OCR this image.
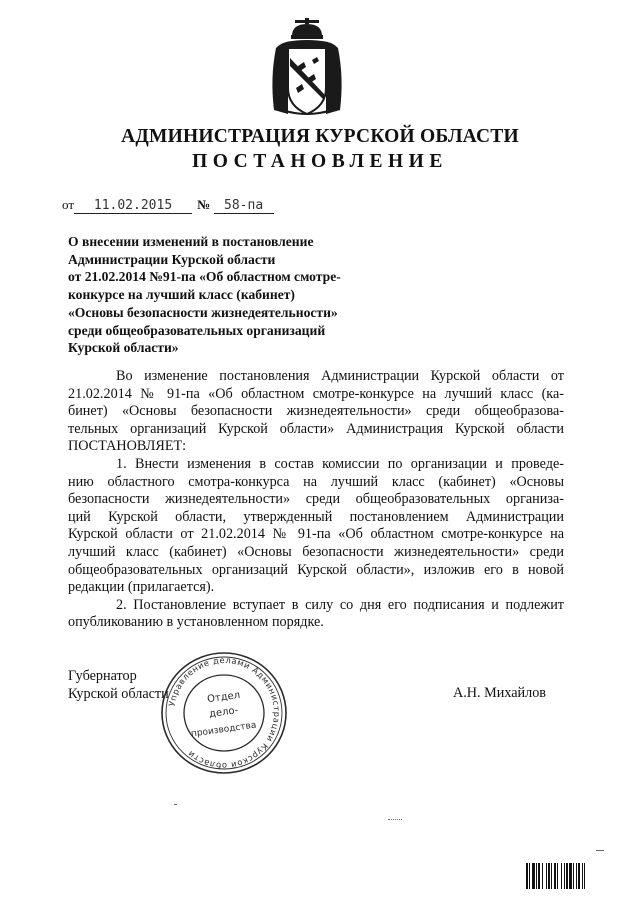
АДМИНИСТРАЦИЯ КУРСКОЙ ОБЛАСТИ
ПОСТАНОВЛЕНИЕ
от 11.02.2015 № 58-па
О внесении изменений в постановление
Администрации Курской области
от 21.02.2014 №91-па «Об областном смотре-
конкурсе на лучший класс (кабинет)
«Основы безопасности жизнедеятельности»
среди общеобразовательных организаций
Курской области»

Во изменение постановления Администрации Курской области от

21.02.2014 № 91-па «Об областном смотре-конкурсе на лучший класс (ка-

бинет) «Основы безопасности жизнедеятельности» среди общеобразова-

тельных организаций Курской области» Администрация Курской области

ПОСТАНОВЛЯЕТ:

1. Внести изменения в состав комиссии по организации и проведе-

нию областного смотра-конкурса на лучший класс (кабинет) «Основы

безопасности жизнедеятельности» среди общеобразовательных организа-

ций Курской области, утвержденный постановлением Администрации

Курской области от 21.02.2014 № 91-па «Об областном смотре-конкурсе на

лучший класс (кабинет) «Основы безопасности жизнедеятельности» среди

общеобразовательных организаций Курской области», изложив его в новой

редакции (прилагается).

2. Постановление вступает в силу со дня его подписания и подлежит

опубликованию в установленном порядке.

Губернатор
Курской области	А.Н. Михайлов
Управление делами Администрации Курской области
Отдел
дело-
производства
